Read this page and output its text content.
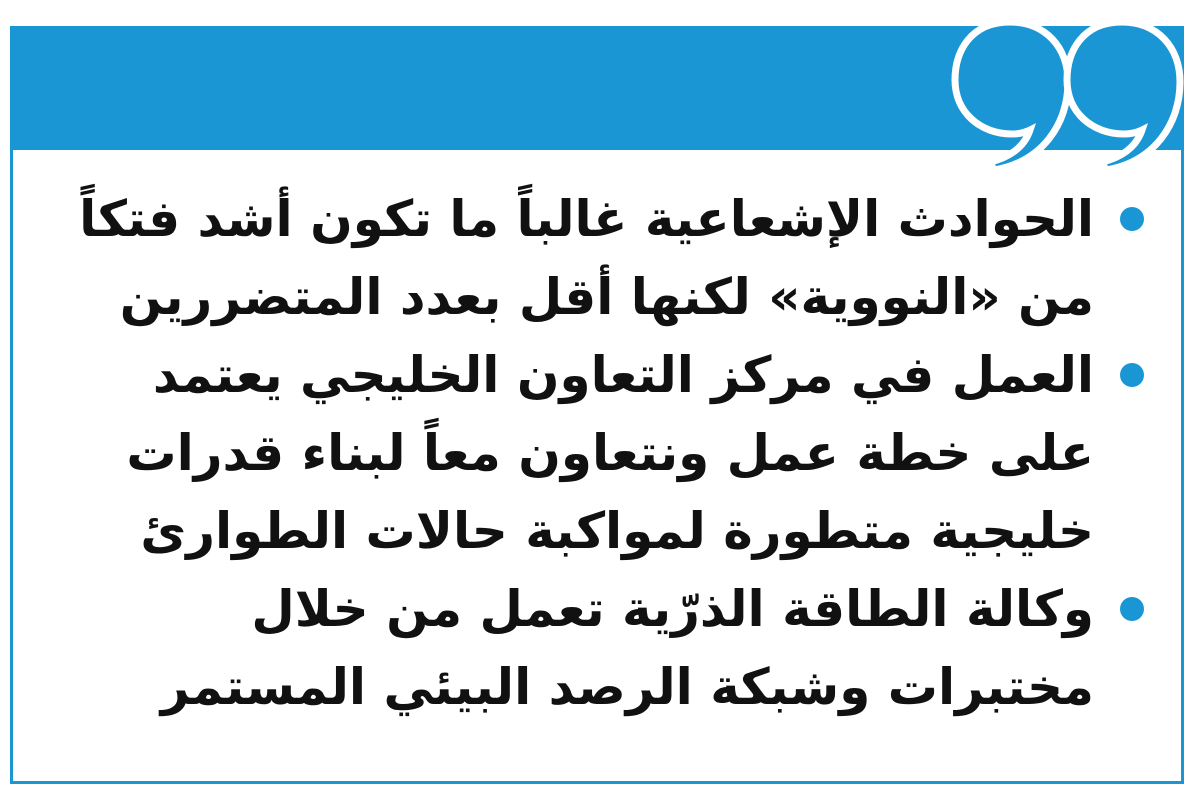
الحوادث الإشعاعية غالباً ما تكون أشد فتكاً من «النووية» لكنها أقل بعدد المتضررين

العمل في مركز التعاون الخليجي يعتمد على خطة عمل ونتعاون معاً لبناء قدرات خليجية متطورة لمواكبة حالات الطوارئ

وكالة الطاقة الذرّية تعمل من خلال مختبرات وشبكة الرصد البيئي المستمر
